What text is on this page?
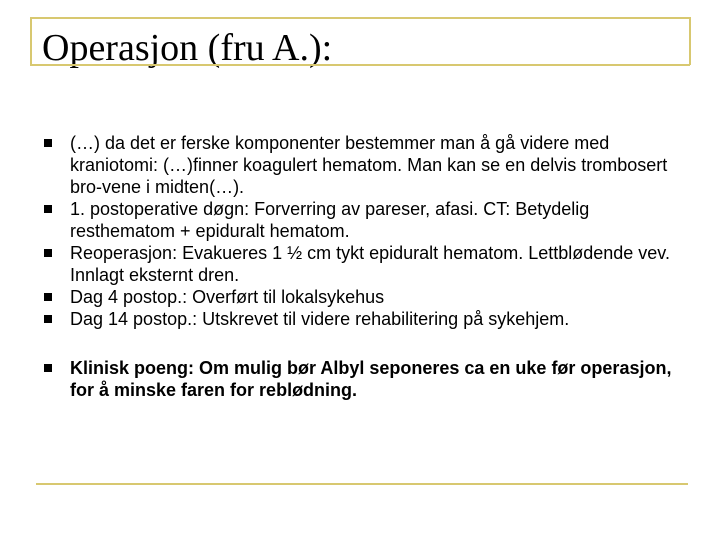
Operasjon (fru A.):
(…) da det er ferske komponenter bestemmer man å gå videre med kraniotomi: (…)finner koagulert hematom. Man kan se en delvis trombosert bro-vene i midten(…).
1. postoperative døgn: Forverring av pareser, afasi. CT: Betydelig resthematom + epiduralt hematom.
Reoperasjon: Evakueres 1 ½ cm tykt epiduralt hematom. Lettblødende vev. Innlagt eksternt dren.
Dag 4 postop.: Overført til lokalsykehus
Dag 14 postop.: Utskrevet til videre rehabilitering på sykehjem.
Klinisk poeng: Om mulig bør Albyl seponeres ca en uke før operasjon, for å minske faren for reblødning.
